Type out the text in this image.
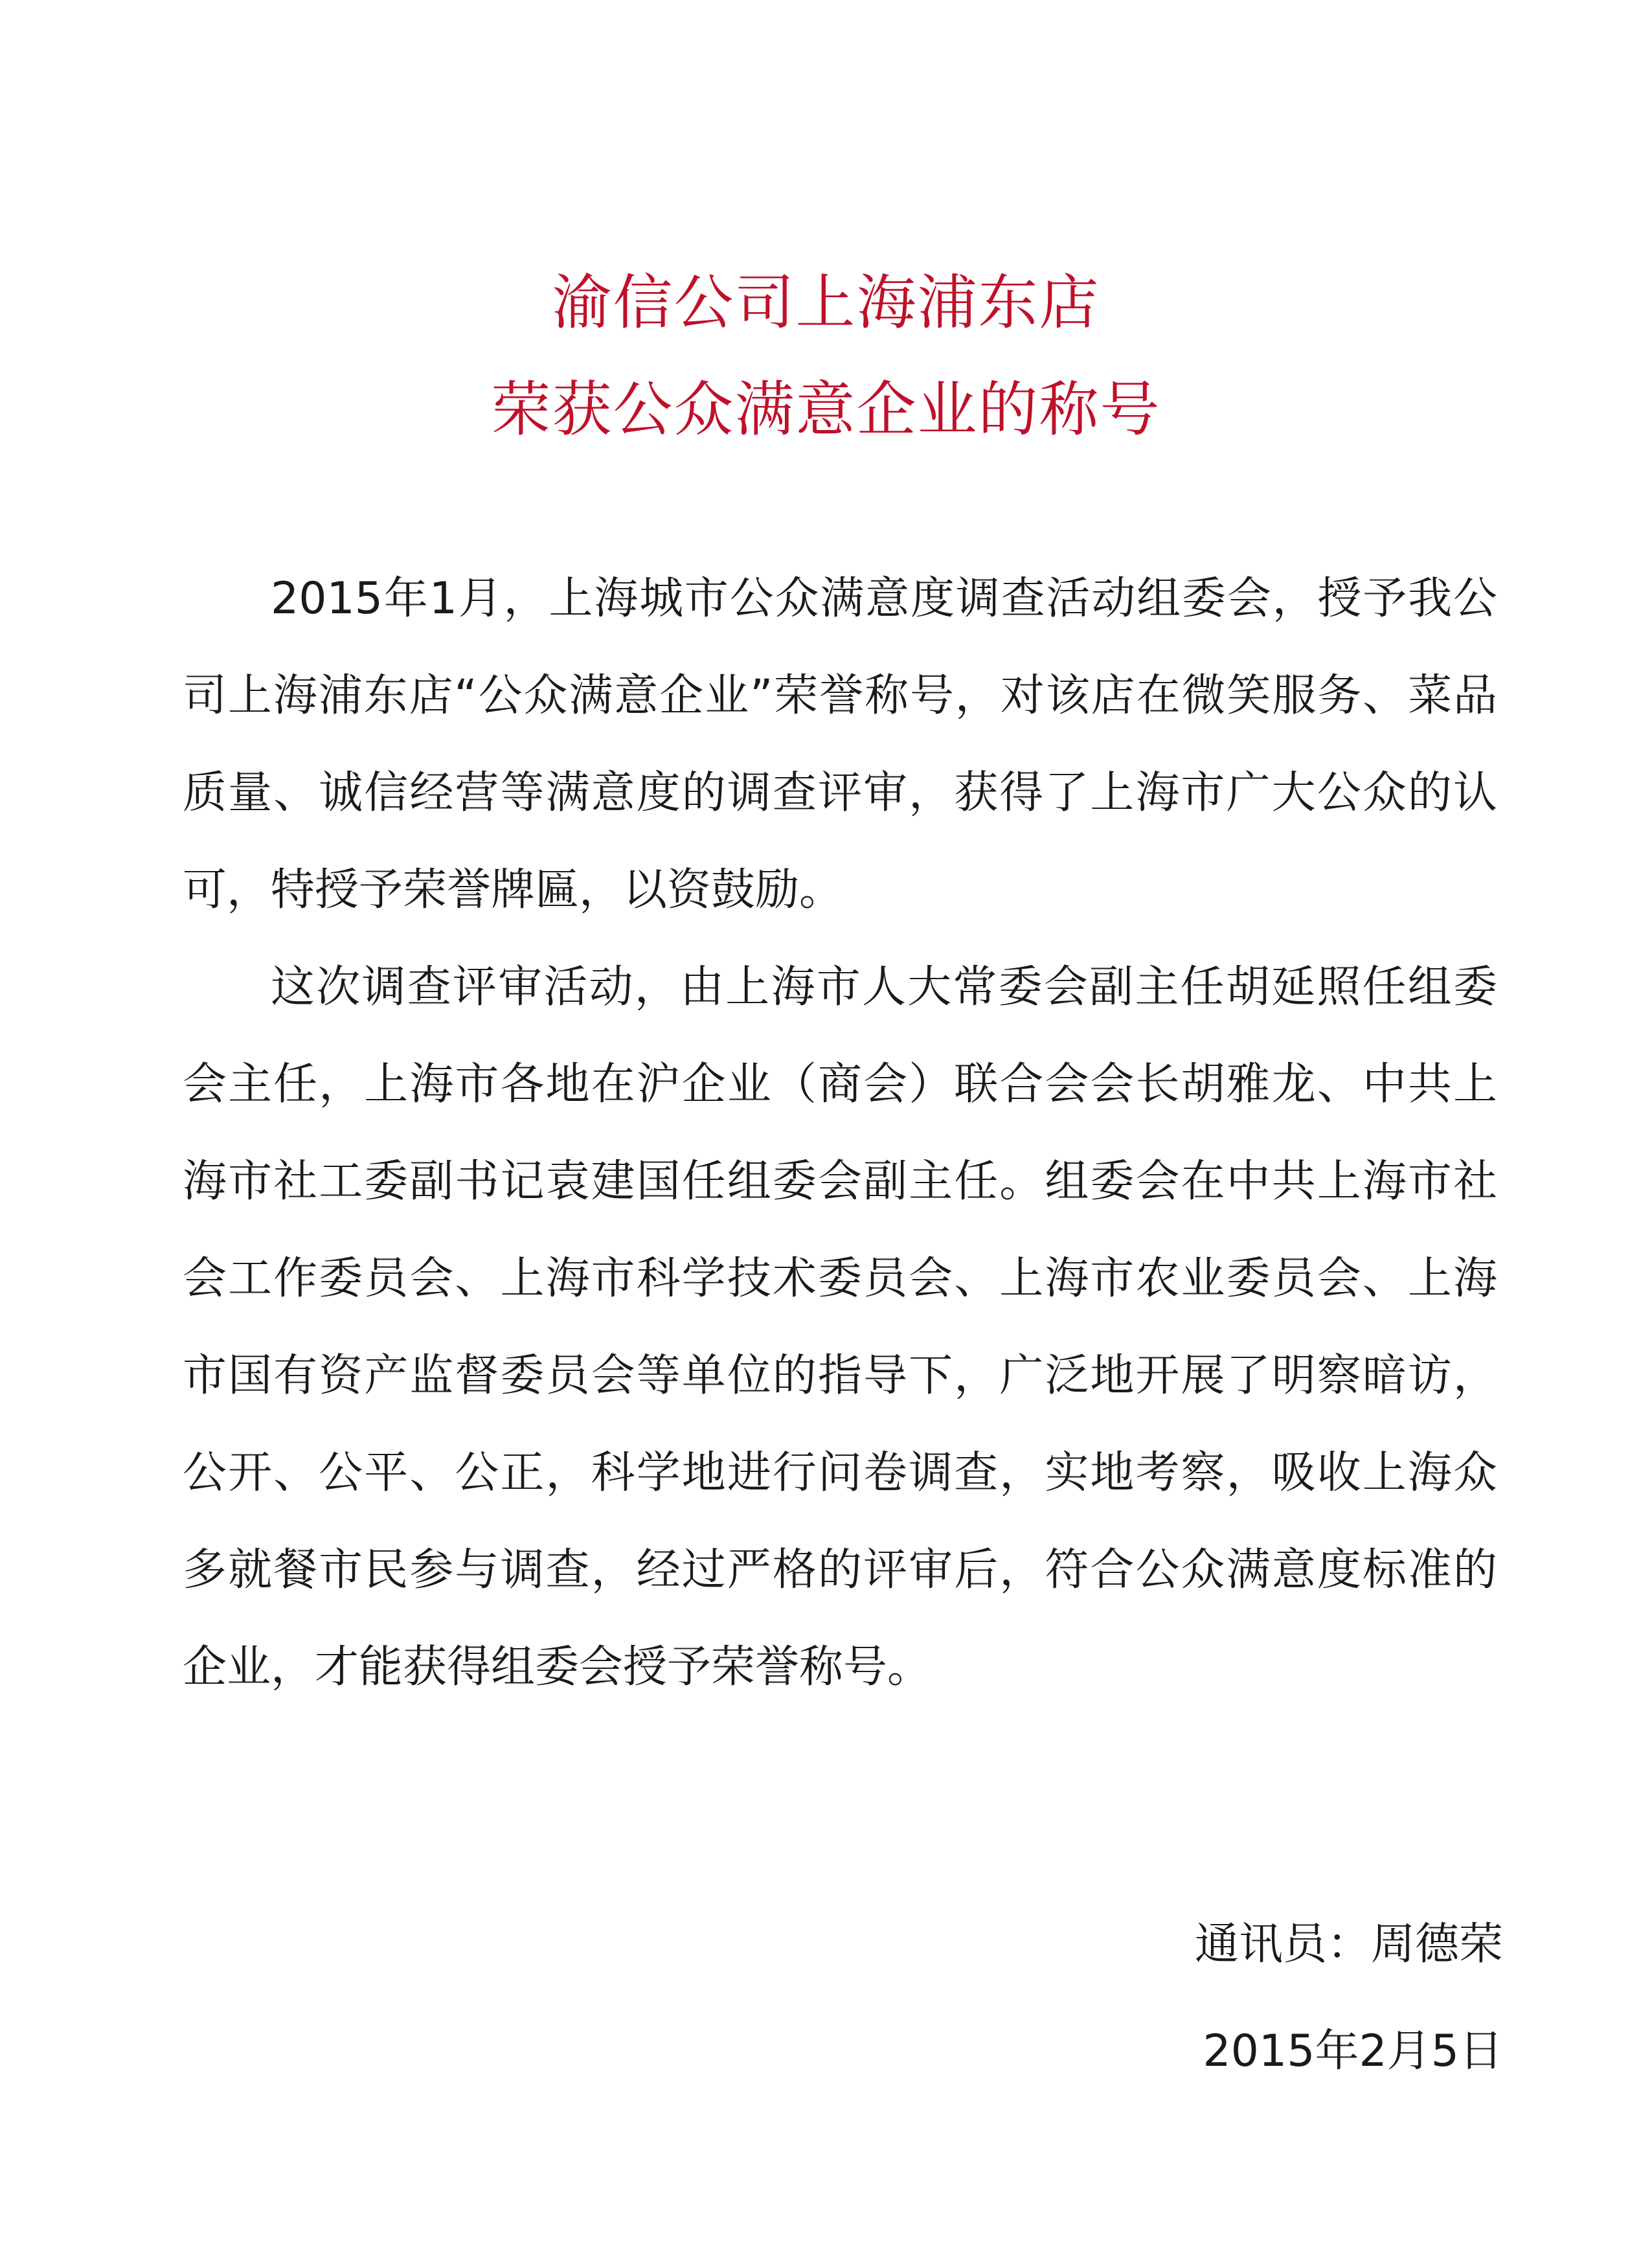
渝信公司上海浦东店
荣获公众满意企业的称号

2015年1月，上海城市公众满意度调查活动组委会，授予我公司上海浦东店“公众满意企业”荣誉称号，对该店在微笑服务、菜品质量、诚信经营等满意度的调查评审，获得了上海市广大公众的认可，特授予荣誉牌匾，以资鼓励。

这次调查评审活动，由上海市人大常委会副主任胡延照任组委会主任，上海市各地在沪企业（商会）联合会会长胡雅龙、中共上海市社工委副书记袁建国任组委会副主任。组委会在中共上海市社会工作委员会、上海市科学技术委员会、上海市农业委员会、上海市国有资产监督委员会等单位的指导下，广泛地开展了明察暗访，公开、公平、公正，科学地进行问卷调查，实地考察，吸收上海众多就餐市民参与调查，经过严格的评审后，符合公众满意度标准的企业，才能获得组委会授予荣誉称号。

通讯员：周德荣
2015年2月5日
